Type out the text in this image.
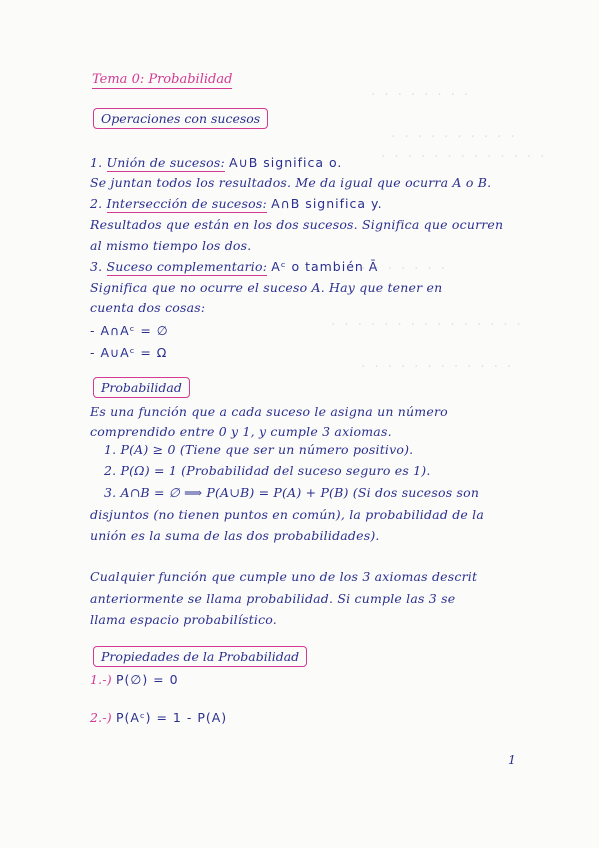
· · · · · · · ·
· · · · · · · · · ·
· · · · · · · · · · · · ·
· · · · · · ·
· · · · · · · · · · · · · · ·
· · · · · · · · · · · ·
Tema 0: Probabilidad
Operaciones con sucesos
1. Unión de sucesos: A∪B significa o.
Se juntan todos los resultados. Me da igual que ocurra A o B.
2. Intersección de sucesos: A∩B significa y.
Resultados que están en los dos sucesos. Significa que ocurren
al mismo tiempo los dos.
3. Suceso complementario: Aᶜ o también Ā
Significa que no ocurre el suceso A. Hay que tener en
cuenta dos cosas:
- A∩Aᶜ = ∅
- A∪Aᶜ = Ω
Probabilidad
Es una función que a cada suceso le asigna un número
comprendido entre 0 y 1, y cumple 3 axiomas.
1. P(A) ≥ 0 (Tiene que ser un número positivo).
2. P(Ω) = 1 (Probabilidad del suceso seguro es 1).
3. A∩B = ∅ ⟹ P(A∪B) = P(A) + P(B) (Si dos sucesos son
disjuntos (no tienen puntos en común), la probabilidad de la
unión es la suma de las dos probabilidades).
Cualquier función que cumple uno de los 3 axiomas descrit
anteriormente se llama probabilidad. Si cumple las 3 se
llama espacio probabilístico.
Propiedades de la Probabilidad
1.-) P(∅) = 0
2.-) P(Aᶜ) = 1 - P(A)
1
